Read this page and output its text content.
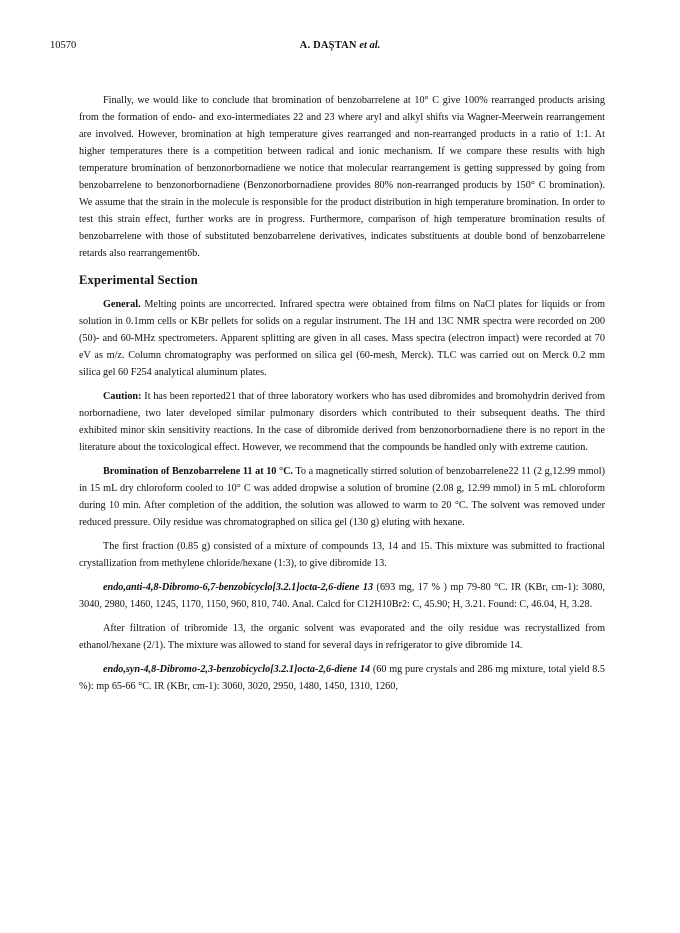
10570	A. DAŞTAN et al.

Finally, we would like to conclude that bromination of benzobarrelene at 10° C give 100% rearranged products arising from the formation of endo- and exo-intermediates 22 and 23 where aryl and alkyl shifts via Wagner-Meerwein rearrangement are involved. However, bromination at high temperature gives rearranged and non-rearranged products in a ratio of 1:1. At higher temperatures there is a competition between radical and ionic mechanism. If we compare these results with high temperature bromination of benzonorbornadiene we notice that molecular rearrangement is getting suppressed by going from benzobarrelene to benzonorbornadiene (Benzonorbornadiene provides 80% non-rearranged products by 150° C bromination). We assume that the strain in the molecule is responsible for the product distribution in high temperature bromination. In order to test this strain effect, further works are in progress. Furthermore, comparison of high temperature bromination results of benzobarrelene with those of substituted benzobarrelene derivatives, indicates substituents at double bond of benzobarrelene retards also rearrangement6b.

Experimental Section

General. Melting points are uncorrected. Infrared spectra were obtained from films on NaCl plates for liquids or from solution in 0.1mm cells or KBr pellets for solids on a regular instrument. The 1H and 13C NMR spectra were recorded on 200 (50)- and 60-MHz spectrometers. Apparent splitting are given in all cases. Mass spectra (electron impact) were recorded at 70 eV as m/z. Column chromatography was performed on silica gel (60-mesh, Merck). TLC was carried out on Merck 0.2 mm silica gel 60 F254 analytical aluminum plates.

Caution: It has been reported21 that of three laboratory workers who has used dibromides and bromohydrin derived from norbornadiene, two later developed similar pulmonary disorders which contributed to their subsequent deaths. The third exhibited minor skin sensitivity reactions. In the case of dibromide derived from benzonorbornadiene there is no report in the literature about the toxicological effect. However, we recommend that the compounds be handled only with extreme caution.

Bromination of Benzobarrelene 11 at 10 °C. To a magnetically stirred solution of benzobarrelene22 11 (2 g,12.99 mmol) in 15 mL dry chloroform cooled to 10° C was added dropwise a solution of bromine (2.08 g, 12.99 mmol) in 5 mL chloroform during 10 min. After completion of the addition, the solution was allowed to warm to 20 °C. The solvent was removed under reduced pressure. Oily residue was chromatographed on silica gel (130 g) eluting with hexane.

The first fraction (0.85 g) consisted of a mixture of compounds 13, 14 and 15. This mixture was submitted to fractional crystallization from methylene chloride/hexane (1:3), to give dibromide 13.

endo,anti-4,8-Dibromo-6,7-benzobicyclo[3.2.1]octa-2,6-diene 13 (693 mg, 17 % ) mp 79-80 °C. IR (KBr, cm-1): 3080, 3040, 2980, 1460, 1245, 1170, 1150, 960, 810, 740. Anal. Calcd for C12H10Br2: C, 45.90; H, 3.21. Found: C, 46.04, H, 3.28.

After filtration of tribromide 13, the organic solvent was evaporated and the oily residue was recrystallized from ethanol/hexane (2/1). The mixture was allowed to stand for several days in refrigerator to give dibromide 14.

endo,syn-4,8-Dibromo-2,3-benzobicyclo[3.2.1]octa-2,6-diene 14 (60 mg pure crystals and 286 mg mixture, total yield 8.5 %): mp 65-66 °C. IR (KBr, cm-1): 3060, 3020, 2950, 1480, 1450, 1310, 1260,
